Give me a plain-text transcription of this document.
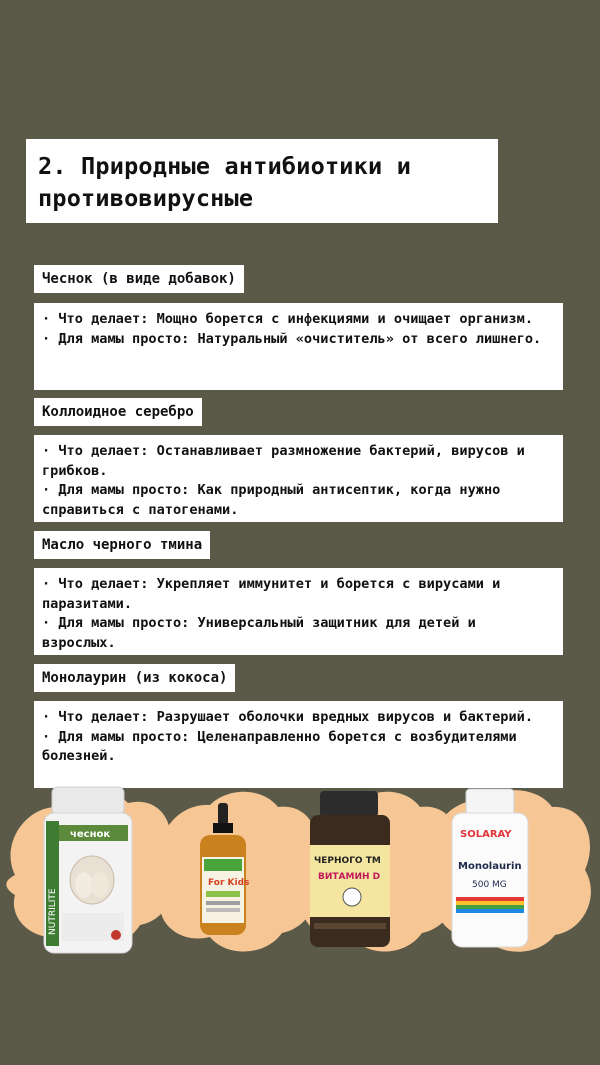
2. Природные антибиотики и противовирусные
Чеснок (в виде добавок)
· Что делает: Мощно борется с инфекциями и очищает организм.
· Для мамы просто: Натуральный «очиститель» от всего лишнего.
Коллоидное серебро
· Что делает: Останавливает размножение бактерий, вирусов и грибков.
· Для мамы просто: Как природный антисептик, когда нужно справиться с патогенами.
Масло черного тмина
· Что делает: Укрепляет иммунитет и борется с вирусами и паразитами.
· Для мамы просто: Универсальный защитник для детей и взрослых.
Монолаурин (из кокоса)
· Что делает: Разрушает оболочки вредных вирусов и бактерий.
· Для мамы просто: Целенаправленно борется с возбудителями болезней.
чеснок
NUTRILITE
For Kids
ЧЕРНОГО ТМ
ВИТАМИН D
SOLARAY
Monolaurin
500 MG
